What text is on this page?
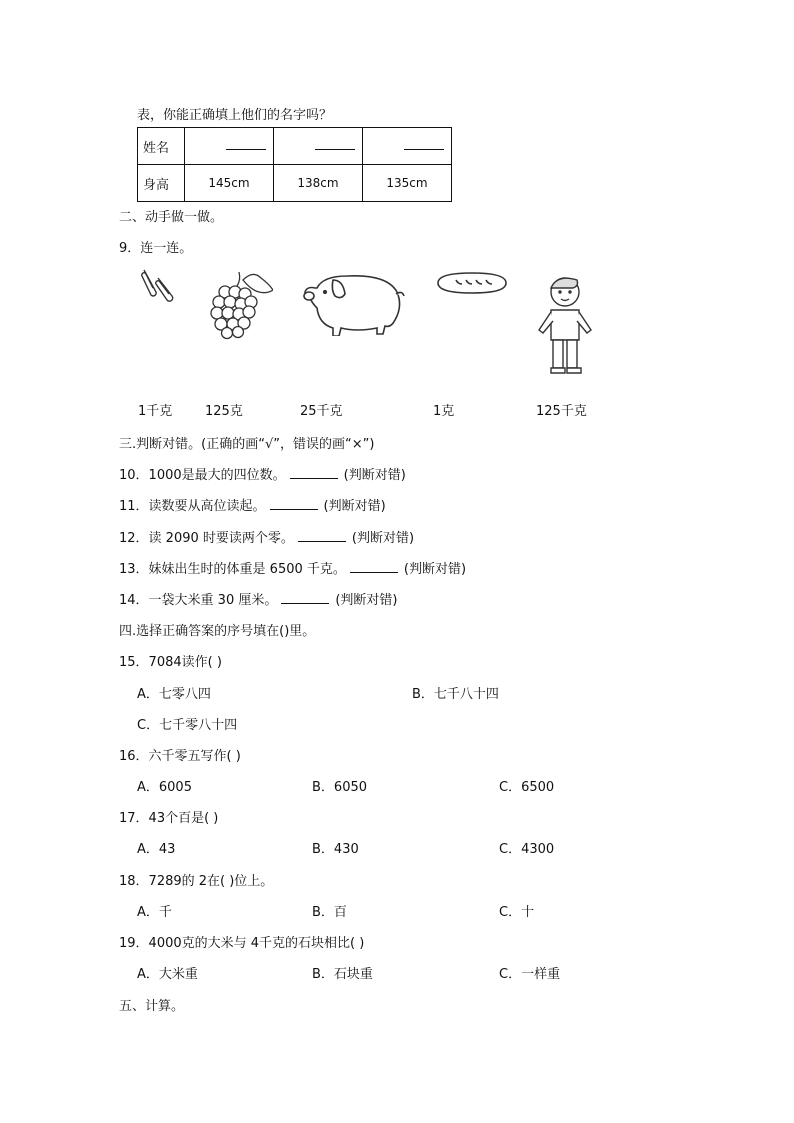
表，你能正确填上他们的名字吗？
姓名			
身高	145cm	138cm	135cm
二、动手做一做。
9．连一连。
1千克	125克	25千克	1克	125千克
三.判断对错。(正确的画“√”，错误的画“×”)
10．1000是最大的四位数。	(判断对错)
11．读数要从高位读起。	(判断对错)
12．读 2090 时要读两个零。	(判断对错)
13．妹妹出生时的体重是 6500 千克。	(判断对错)
14．一袋大米重 30 厘米。	(判断对错)
四.选择正确答案的序号填在()里。
15．7084读作( )
A．七零八四	B．七千八十四
C．七千零八十四
16．六千零五写作( )
A．6005	B．6050	C．6500
17．43个百是( )
A．43	B．430	C．4300
18．7289的 2在( )位上。
A．千	B．百	C．十
19．4000克的大米与 4千克的石块相比( )
A．大米重	B．石块重	C．一样重
五、计算。
